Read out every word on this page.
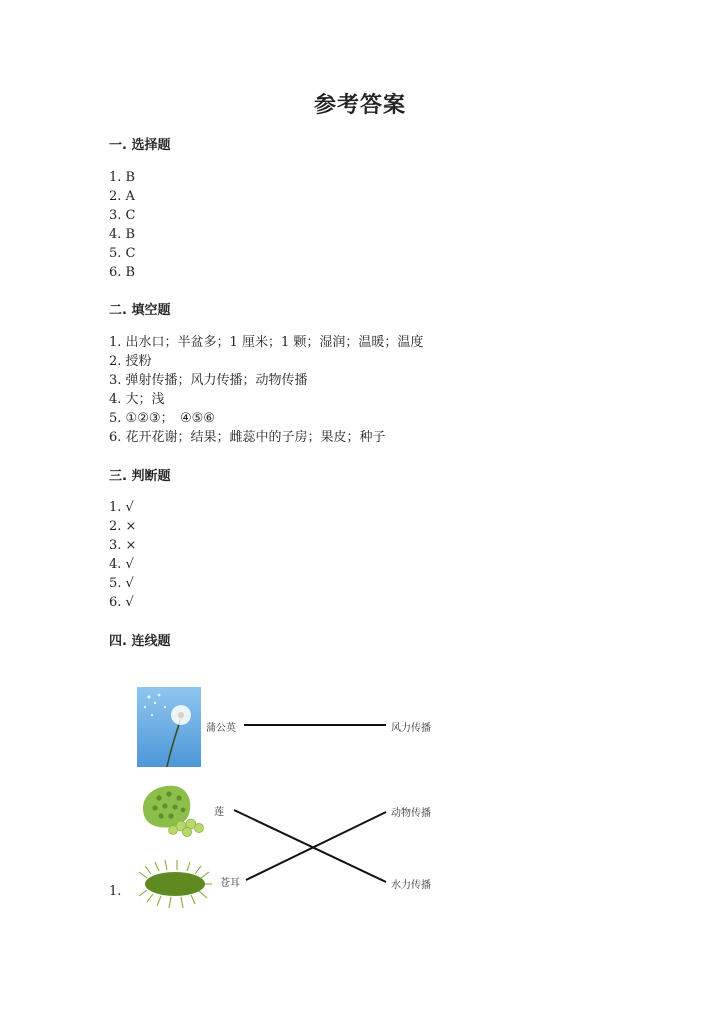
参考答案
一. 选择题
1. B
2. A
3. C
4. B
5. C
6. B
二. 填空题
1. 出水口；半盆多；1 厘米；1 颗；湿润；温暖；温度
2. 授粉
3. 弹射传播；风力传播；动物传播
4. 大；浅
5. ①②③；　④⑤⑥
6. 花开花谢；结果；雌蕊中的子房；果皮；种子
三. 判断题
1. √
2. ×
3. ×
4. √
5. √
6. √
四. 连线题
蒲公英
莲
苍耳
风力传播
动物传播
水力传播
1.
